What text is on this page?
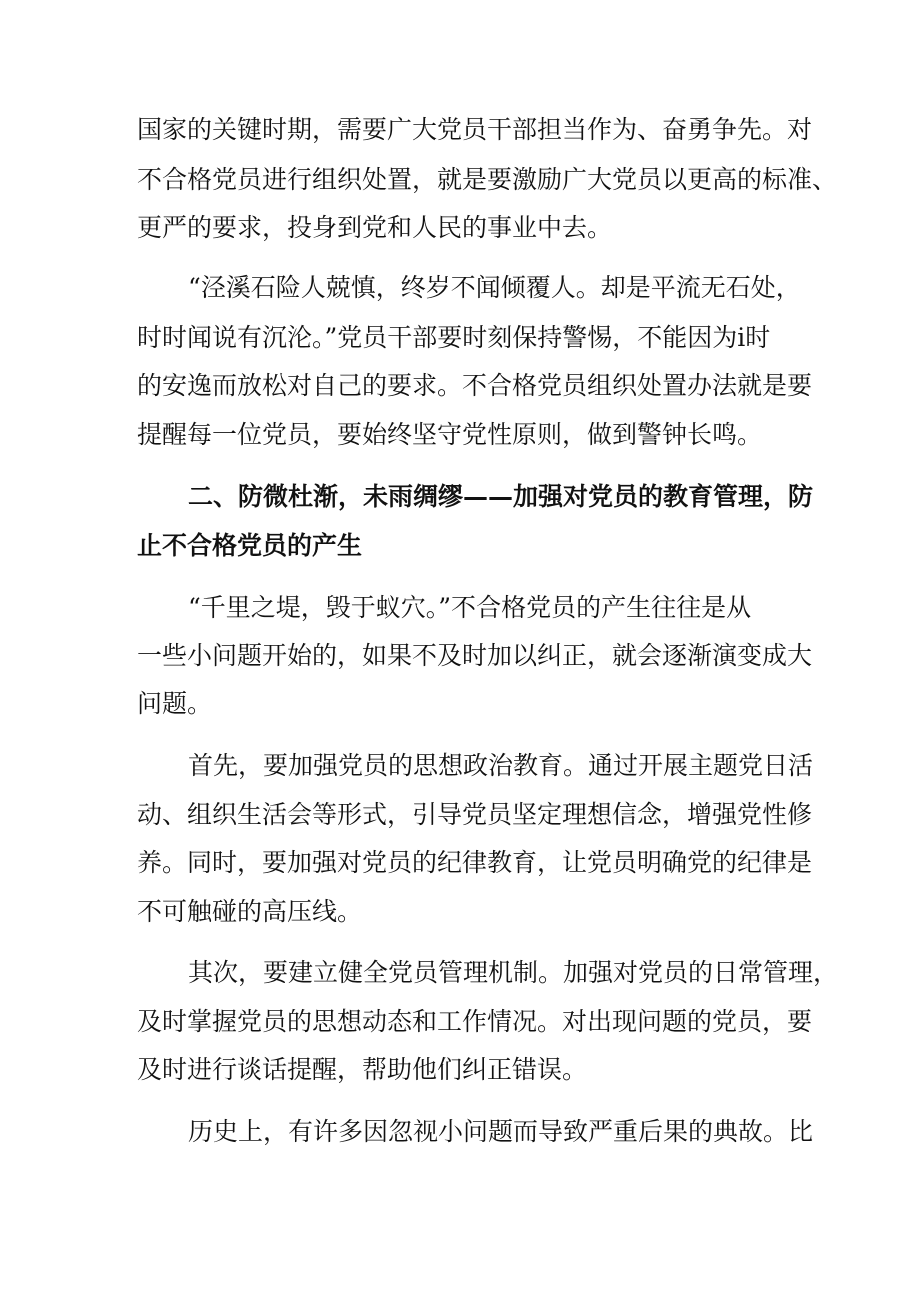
国家的关键时期，需要广大党员干部担当作为、奋勇争先。对

不合格党员进行组织处置，就是要激励广大党员以更高的标准、

更严的要求，投身到党和人民的事业中去。

“泾溪石险人兢慎，终岁不闻倾覆人。却是平流无石处，

时时闻说有沉沦。”党员干部要时刻保持警惕，不能因为i时

的安逸而放松对自己的要求。不合格党员组织处置办法就是要

提醒每一位党员，要始终坚守党性原则，做到警钟长鸣。

二、防微杜渐，未雨绸缪——加强对党员的教育管理，防

止不合格党员的产生

“千里之堤，毁于蚁穴。”不合格党员的产生往往是从

一些小问题开始的，如果不及时加以纠正，就会逐渐演变成大

问题。

首先，要加强党员的思想政治教育。通过开展主题党日活

动、组织生活会等形式，引导党员坚定理想信念，增强党性修

养。同时，要加强对党员的纪律教育，让党员明确党的纪律是

不可触碰的高压线。

其次，要建立健全党员管理机制。加强对党员的日常管理，

及时掌握党员的思想动态和工作情况。对出现问题的党员，要

及时进行谈话提醒，帮助他们纠正错误。

历史上，有许多因忽视小问题而导致严重后果的典故。比
